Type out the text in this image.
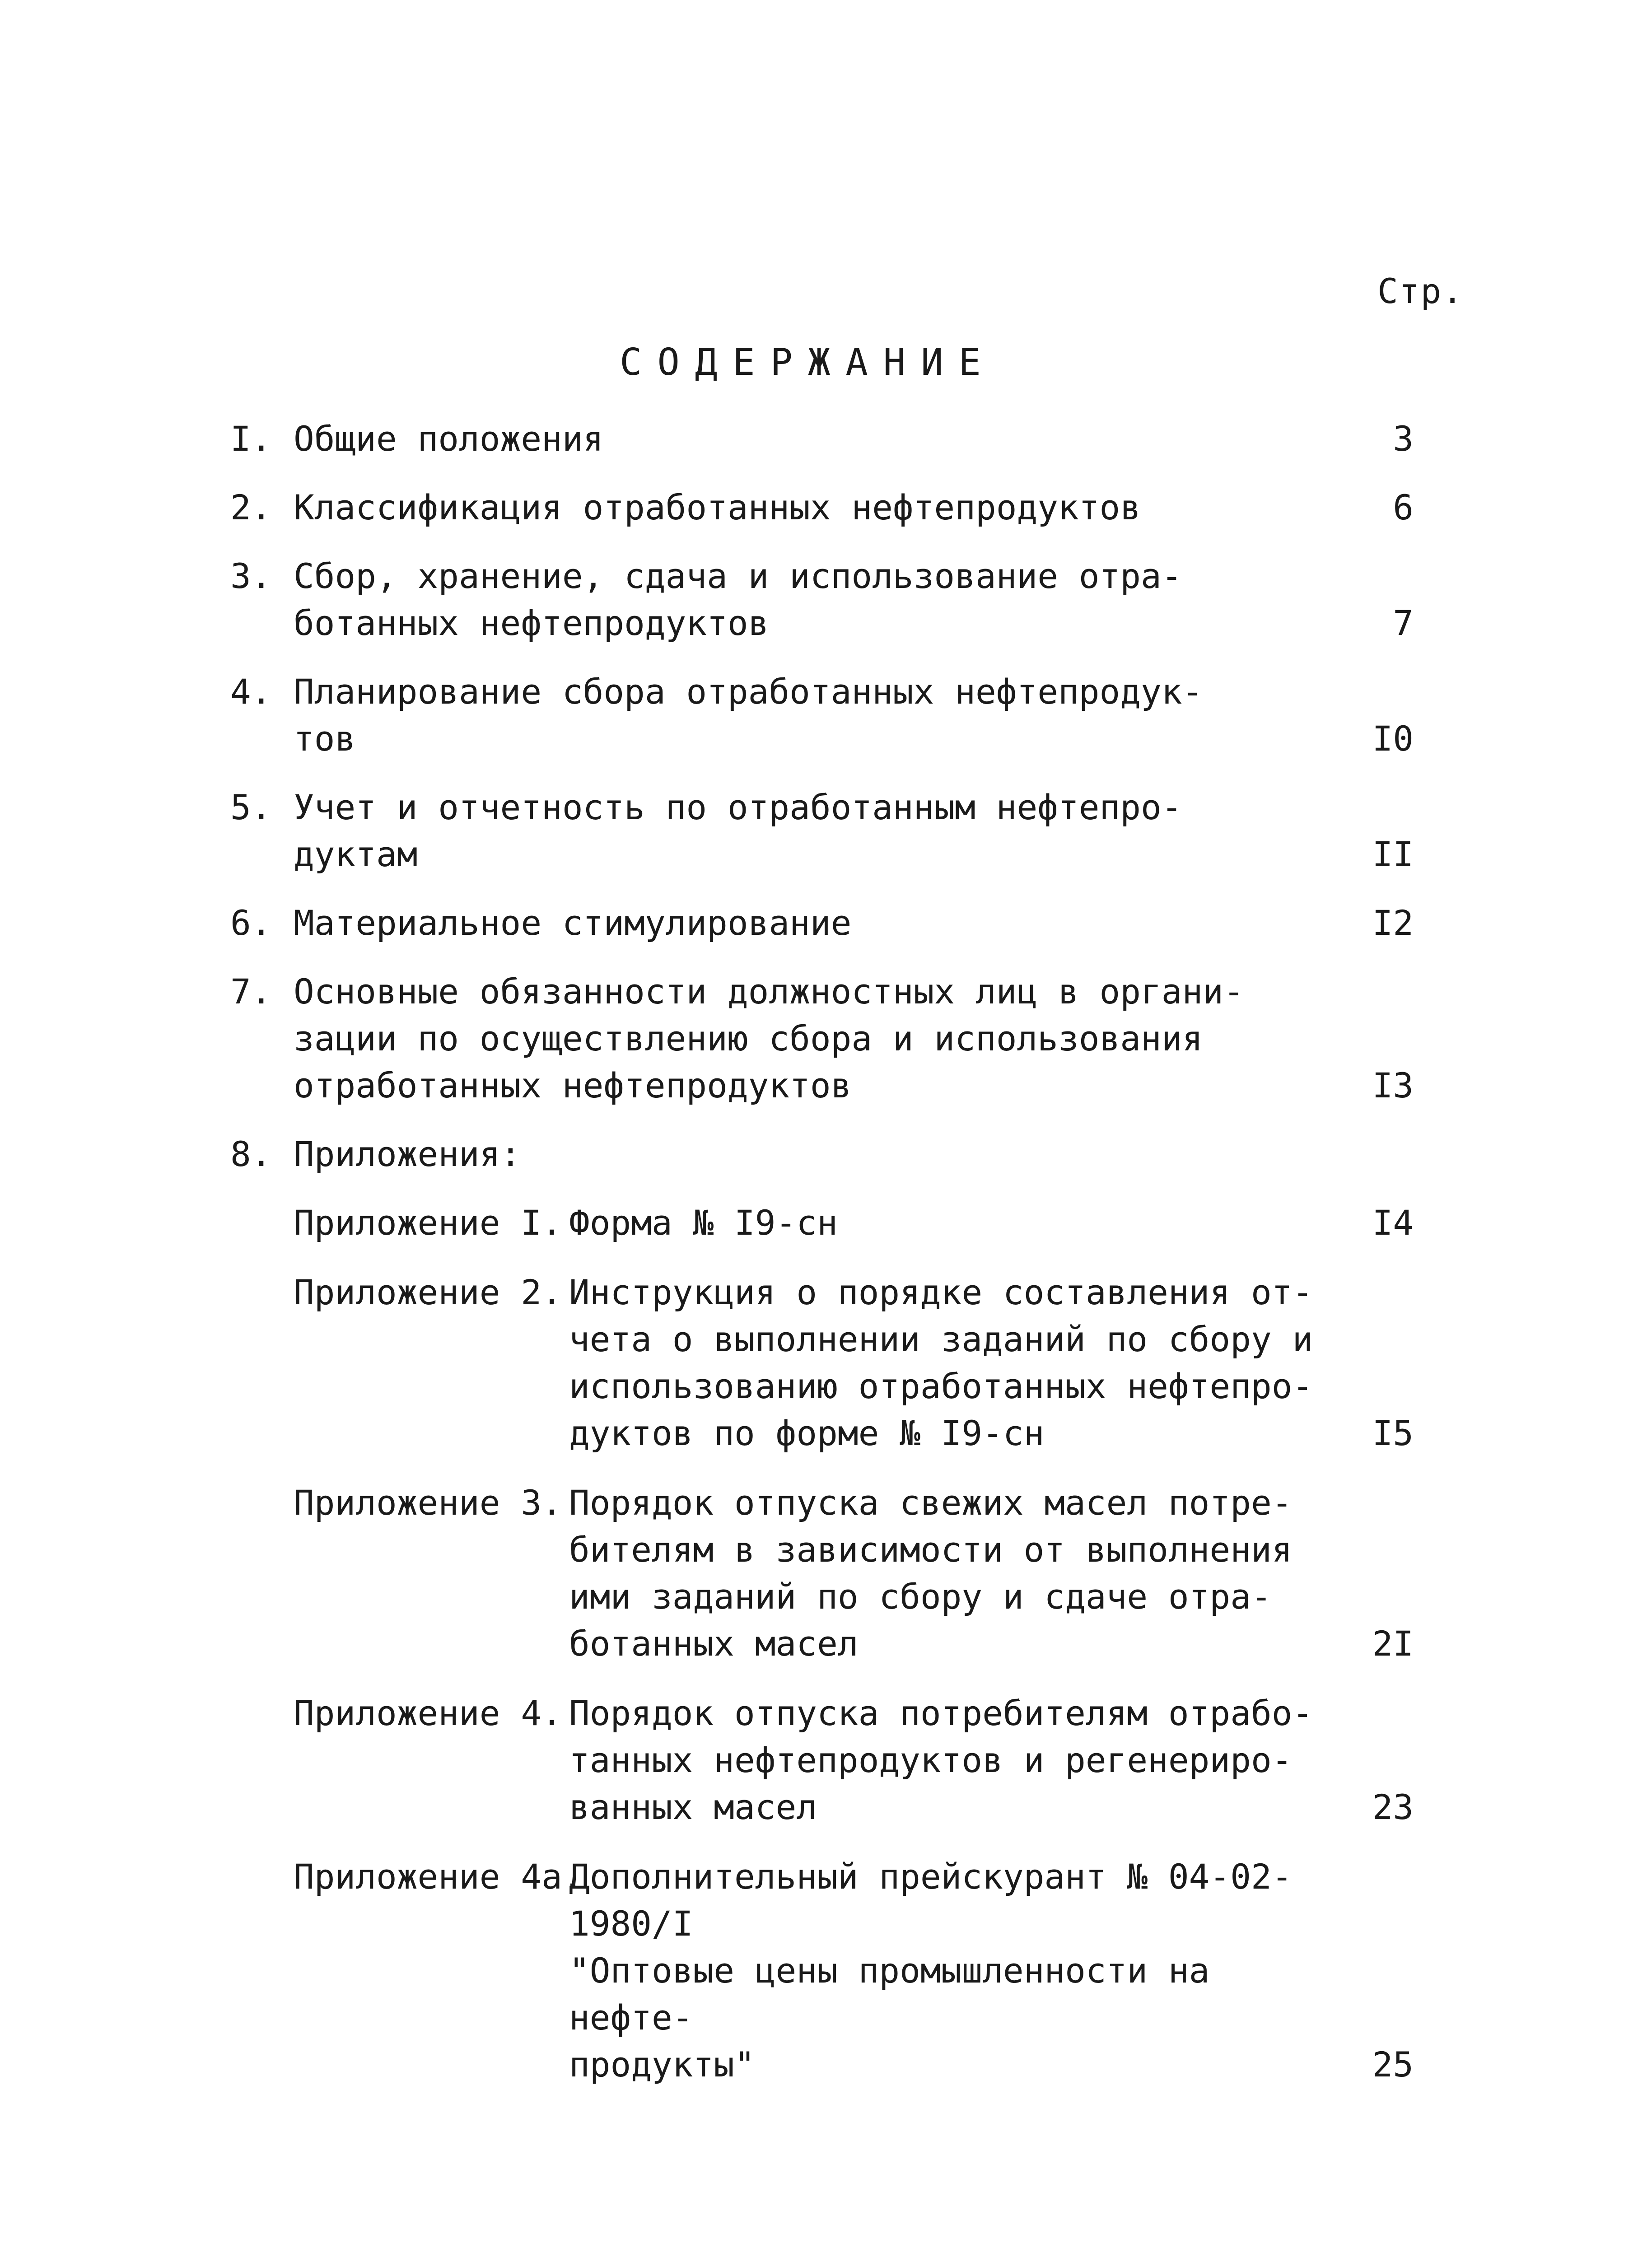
Стр.
СОДЕРЖАНИЕ
I. Общие положения	3
2. Классификация отработанных нефтепродуктов	6
3. Сбор, хранение, сдача и использование отра-
ботанных нефтепродуктов	7
4. Планирование сбора отработанных нефтепродук-
тов	I0
5. Учет и отчетность по отработанным нефтепро-
дуктам	II
6. Материальное стимулирование	I2
7. Основные обязанности должностных лиц в органи-
зации по осуществлению сбора и использования
отработанных нефтепродуктов	I3
8. Приложения:
Приложение I. Форма № I9-сн	I4
Приложение 2. Инструкция о порядке составления от-
чета о выполнении заданий по сбору и
использованию отработанных нефтепро-
дуктов по форме № I9-сн	I5
Приложение 3. Порядок отпуска свежих масел потре-
бителям в зависимости от выполнения
ими заданий по сбору и сдаче отра-
ботанных масел	2I
Приложение 4. Порядок отпуска потребителям отрабо-
танных нефтепродуктов и регенериро-
ванных масел	23
Приложение 4а.
Дополнительный прейскурант № 04-02-1980/I
"Оптовые цены промышленности на нефте-
продукты"	25
